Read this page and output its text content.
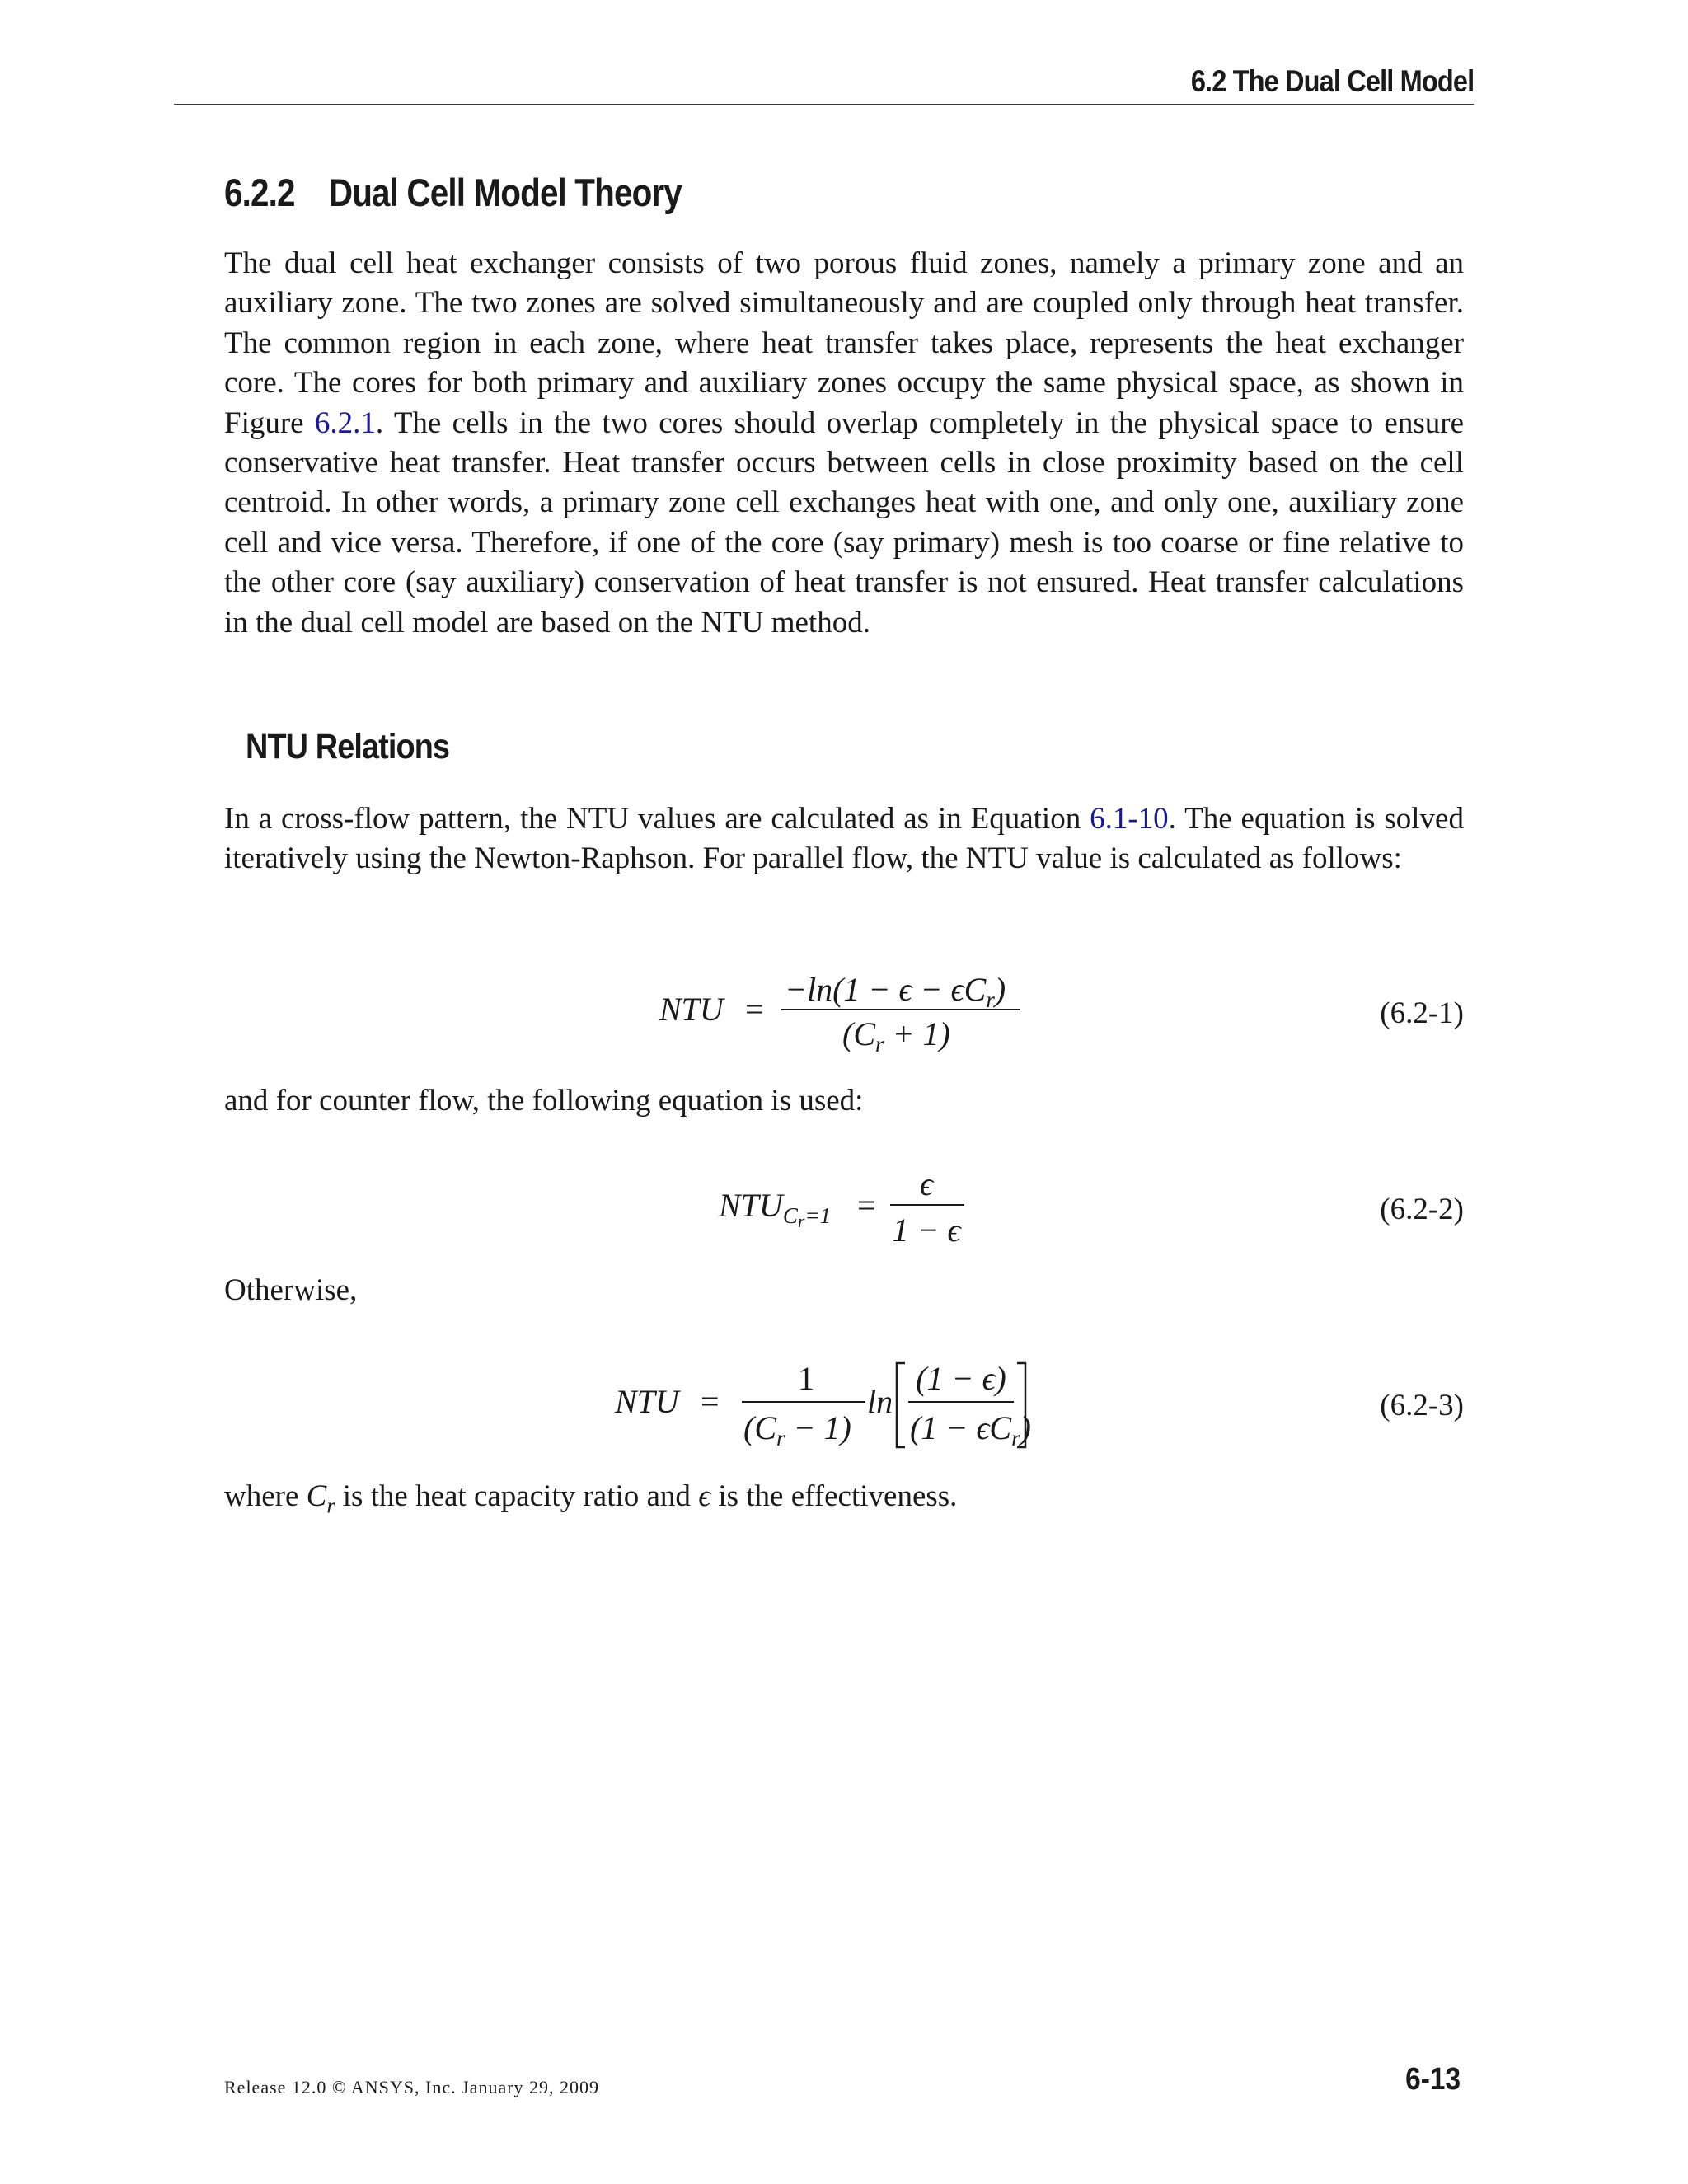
6.2 The Dual Cell Model
6.2.2 Dual Cell Model Theory

The dual cell heat exchanger consists of two porous fluid zones, namely a primary zone and an auxiliary zone. The two zones are solved simultaneously and are coupled only through heat transfer. The common region in each zone, where heat transfer takes place, represents the heat exchanger core. The cores for both primary and auxiliary zones occupy the same physical space, as shown in Figure 6.2.1. The cells in the two cores should overlap completely in the physical space to ensure conservative heat transfer. Heat transfer occurs between cells in close proximity based on the cell centroid. In other words, a primary zone cell exchanges heat with one, and only one, auxiliary zone cell and vice versa. Therefore, if one of the core (say primary) mesh is too coarse or fine relative to the other core (say auxiliary) conservation of heat transfer is not ensured. Heat transfer calculations in the dual cell model are based on the NTU method.

NTU Relations

In a cross-flow pattern, the NTU values are calculated as in Equation 6.1-10. The equation is solved iteratively using the Newton-Raphson. For parallel flow, the NTU value is calculated as follows:

NTU =
$-\ln(1 - \epsilon - \epsilon C_r)$
$(C_r + 1)$
(6.2-1)

and for counter flow, the following equation is used:

$NTU_Cr=1$ =
ϵ
1 − ϵ
(6.2-2)

Otherwise,

NTU =
1
$(C_r - 1)$
ln
(1 − ϵ)
$(1 - \epsilon C_r)$
(6.2-3)

where $C_r$ is the heat capacity ratio and ϵ is the effectiveness.

Release 12.0 © ANSYS, Inc. January 29, 2009	6-13
